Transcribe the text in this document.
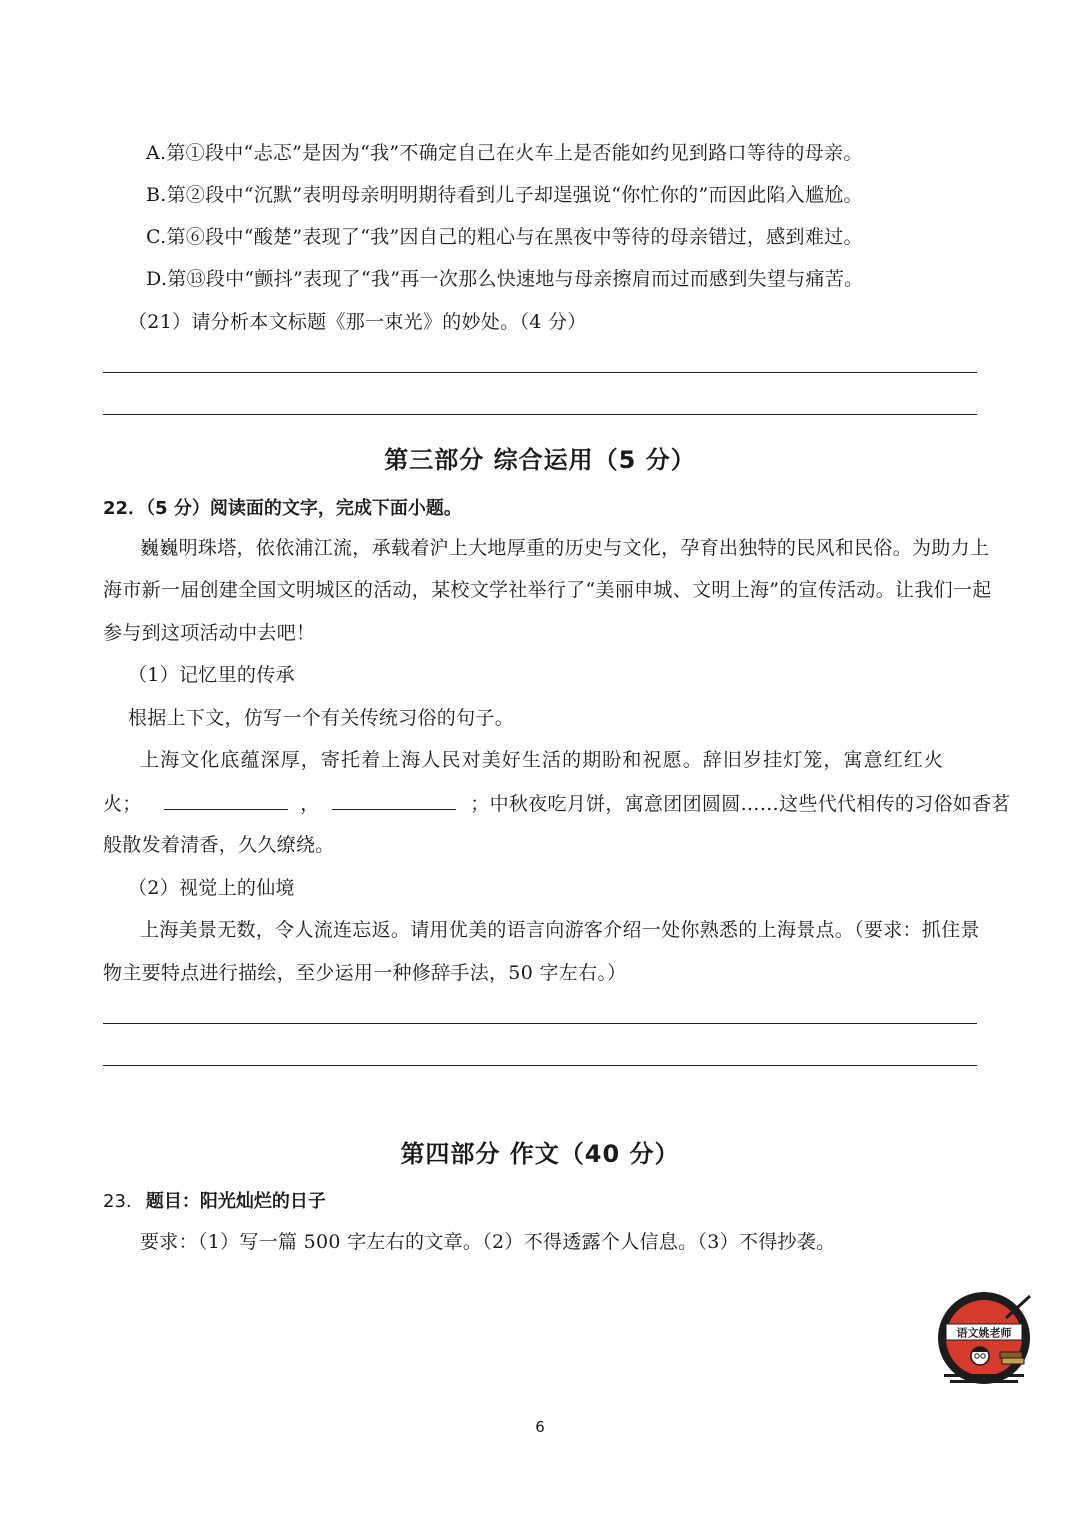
A.第①段中“忐忑”是因为“我”不确定自己在火车上是否能如约见到路口等待的母亲。
B.第②段中“沉默”表明母亲明明期待看到儿子却逞强说“你忙你的”而因此陷入尴尬。
C.第⑥段中“酸楚”表现了“我”因自己的粗心与在黑夜中等待的母亲错过，感到难过。
D.第⑬段中“颤抖”表现了“我”再一次那么快速地与母亲擦肩而过而感到失望与痛苦。
（21）请分析本文标题《那一束光》的妙处。（4 分）
第三部分 综合运用（5 分）
22．（5 分）阅读面的文字，完成下面小题。
巍巍明珠塔，依依浦江流，承载着沪上大地厚重的历史与文化，孕育出独特的民风和民俗。为助力上
海市新一届创建全国文明城区的活动，某校文学社举行了“美丽申城、文明上海”的宣传活动。让我们一起
参与到这项活动中去吧！
（1）记忆里的传承
根据上下文，仿写一个有关传统习俗的句子。
上海文化底蕴深厚，寄托着上海人民对美好生活的期盼和祝愿。辞旧岁挂灯笼，寓意红红火
火；	，	；中秋夜吃月饼，寓意团团圆圆……这些代代相传的习俗如香茗
般散发着清香，久久缭绕。
（2）视觉上的仙境
上海美景无数，令人流连忘返。请用优美的语言向游客介绍一处你熟悉的上海景点。（要求：抓住景
物主要特点进行描绘，至少运用一种修辞手法，50 字左右。）
第四部分 作文（40 分）
23. 题目：阳光灿烂的日子
要求：（1）写一篇 500 字左右的文章。（2）不得透露个人信息。（3）不得抄袭。
语文姚老师
6
